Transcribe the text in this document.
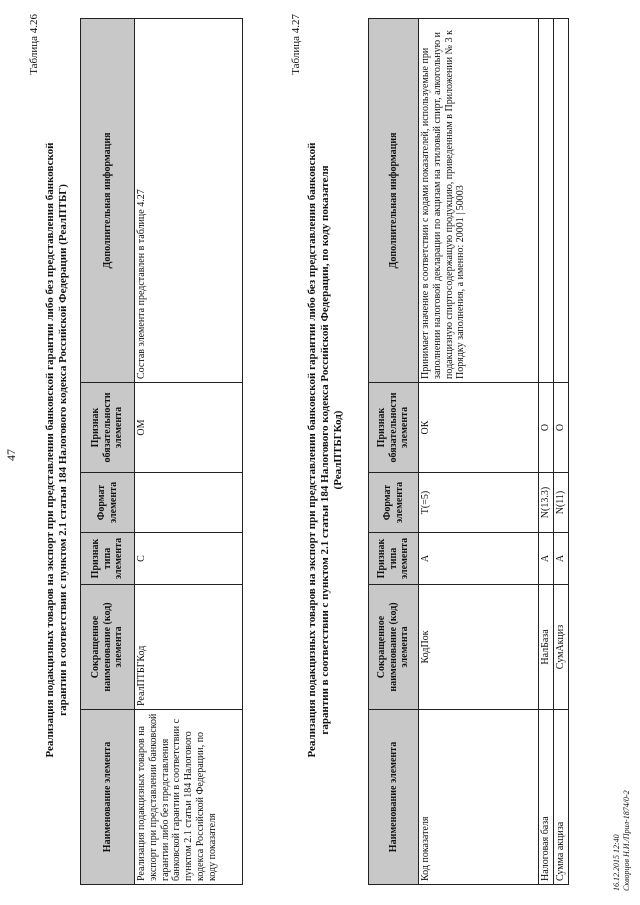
47
Таблица 4.26
Реализация подакцизных товаров на экспорт при представлении банковской гарантии либо без представления банковской гарантии в соответствии с пунктом 2.1 статьи 184 Налогового кодекса Российской Федерации (РеалПТБГ)
Наименование элемента	Сокращенное наименование (код) элемента	Признак типа элемента	Формат элемента	Признак обязательности элемента	Дополнительная информация
Реализация подакцизных товаров на экспорт при представлении банковской гарантии либо без представления банковской гарантии в соответствии с пунктом 2.1 статьи 184 Налогового кодекса Российской Федерации, по коду показателя	РеалПТБГКод	С		ОМ	Состав элемента представлен в таблице 4.27
Таблица 4.27
Реализация подакцизных товаров на экспорт при представлении банковской гарантии либо без представления банковской гарантии в соответствии с пунктом 2.1 статьи 184 Налогового кодекса Российской Федерации, по коду показателя (РеалПТБГКод)
Наименование элемента	Сокращенное наименование (код) элемента	Признак типа элемента	Формат элемента	Признак обязательности элемента	Дополнительная информация
Код показателя	КодПок	А	Т(=5)	ОК	Принимает значение в соответствии с кодами показателей, используемые при заполнении налоговой декларации по акцизам на этиловый спирт, алкогольную и подакцизную спиртосодержащую продукцию, приведенным в Приложении № 3 к Порядку заполнения, а именно: 20001 | 50003
Налоговая база	НалБаза	А	N(13.3)	О	
Сумма акциза	СумАкциз	А	N(11)	О	
16.12.2015 12:40 Скворцов Н.И./Прил-1874/0-2
